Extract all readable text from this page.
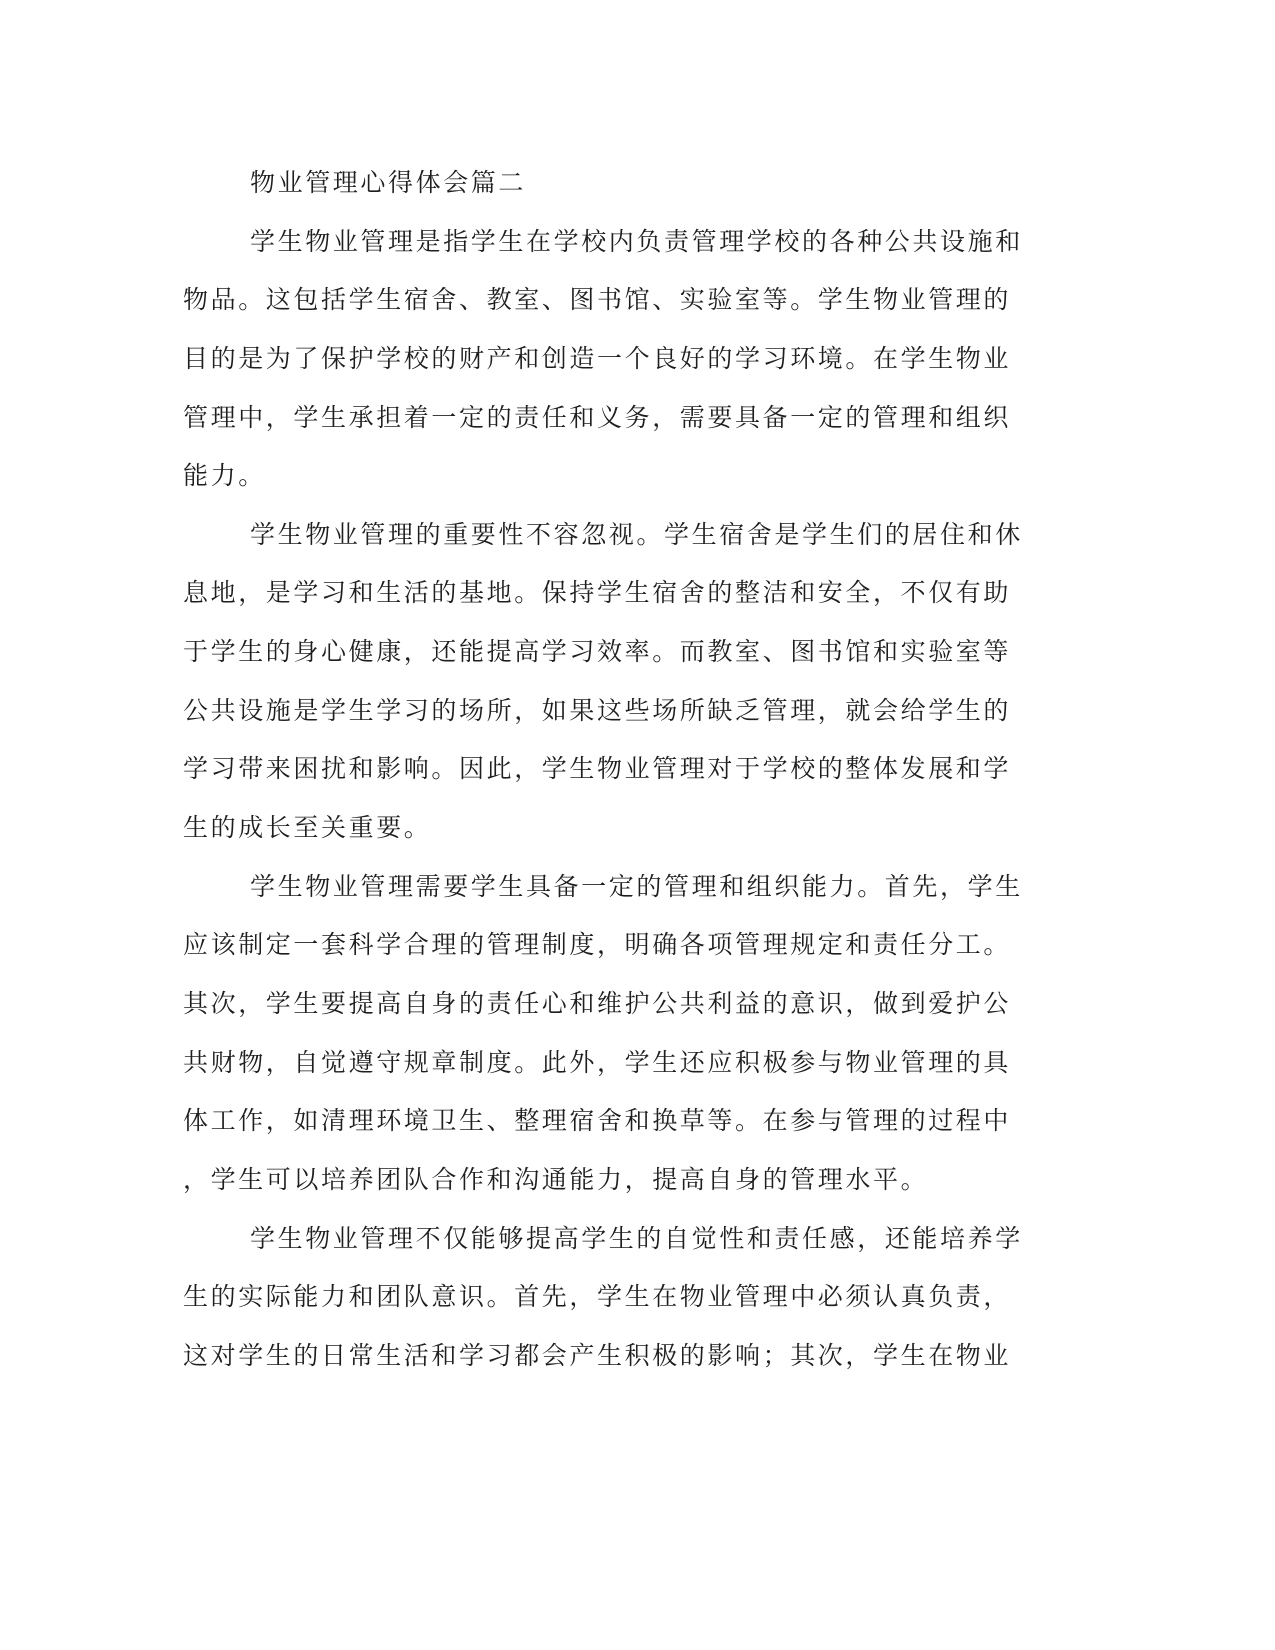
物业管理心得体会篇二
学生物业管理是指学生在学校内负责管理学校的各种公共设施和
物品。这包括学生宿舍、教室、图书馆、实验室等。学生物业管理的
目的是为了保护学校的财产和创造一个良好的学习环境。在学生物业
管理中，学生承担着一定的责任和义务，需要具备一定的管理和组织
能力。
学生物业管理的重要性不容忽视。学生宿舍是学生们的居住和休
息地，是学习和生活的基地。保持学生宿舍的整洁和安全，不仅有助
于学生的身心健康，还能提高学习效率。而教室、图书馆和实验室等
公共设施是学生学习的场所，如果这些场所缺乏管理，就会给学生的
学习带来困扰和影响。因此，学生物业管理对于学校的整体发展和学
生的成长至关重要。
学生物业管理需要学生具备一定的管理和组织能力。首先，学生
应该制定一套科学合理的管理制度，明确各项管理规定和责任分工。
其次，学生要提高自身的责任心和维护公共利益的意识，做到爱护公
共财物，自觉遵守规章制度。此外，学生还应积极参与物业管理的具
体工作，如清理环境卫生、整理宿舍和换草等。在参与管理的过程中
，学生可以培养团队合作和沟通能力，提高自身的管理水平。
学生物业管理不仅能够提高学生的自觉性和责任感，还能培养学
生的实际能力和团队意识。首先，学生在物业管理中必须认真负责，
这对学生的日常生活和学习都会产生积极的影响；其次，学生在物业
